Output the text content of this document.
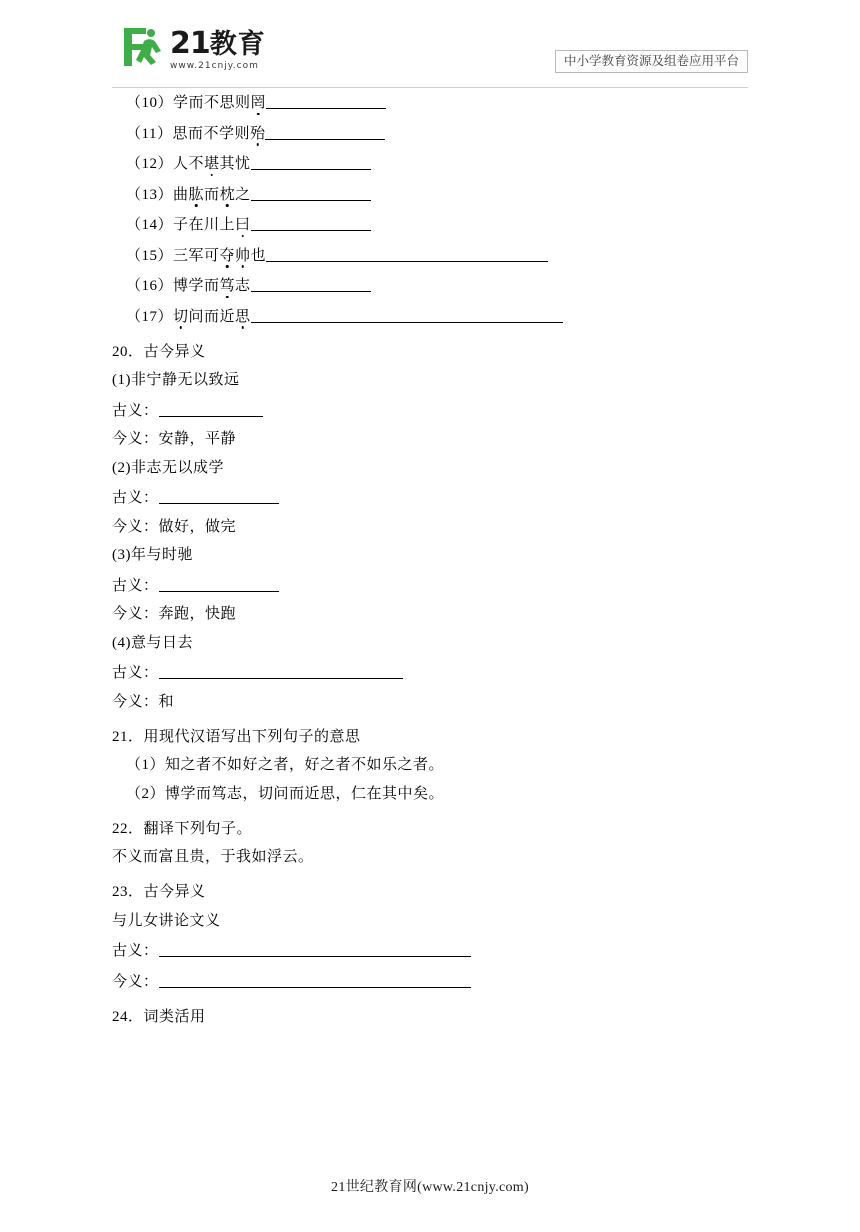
21 教育
www.21cnjy.com	中小学教育资源及组卷应用平台

（10）学而不思则罔

（11）思而不学则殆

（12）人不堪其忧

（13）曲肱而枕之

（14）子在川上曰

（15）三军可夺帅也

（16）博学而笃志

（17）切问而近思

20．古今异义

(1)非宁静无以致远

古义：

今义：安静，平静

(2)非志无以成学

古义：

今义：做好，做完

(3)年与时驰

古义：

今义：奔跑，快跑

(4)意与日去

古义：

今义：和

21．用现代汉语写出下列句子的意思

（1）知之者不如好之者，好之者不如乐之者。

（2）博学而笃志，切问而近思，仁在其中矣。

22．翻译下列句子。

不义而富且贵，于我如浮云。

23．古今异义

与儿女讲论文义

古义：

今义：

24．词类活用

21世纪教育网(www.21cnjy.com)
